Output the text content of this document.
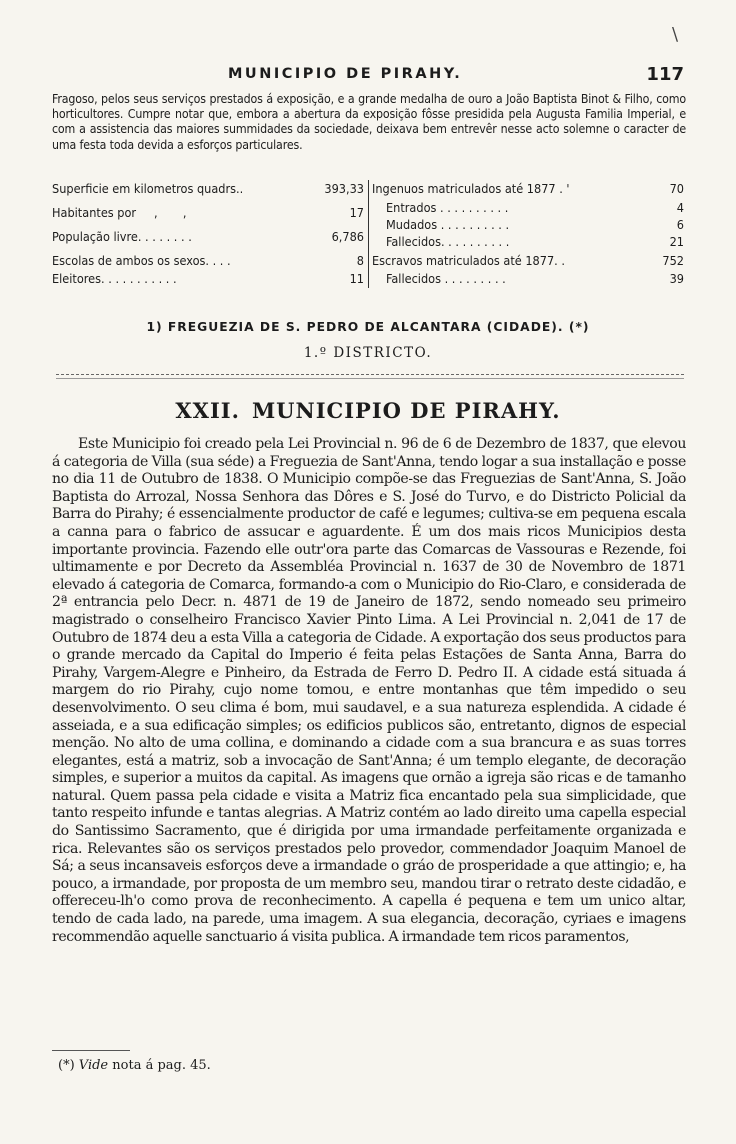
\
MUNICIPIO DE PIRAHY.	117
Fragoso, pelos seus serviços prestados á exposição, e a grande medalha de ouro a João Baptista Binot & Filho, como horticultores. Cumpre notar que, embora a abertura da exposição fôsse presidida pela Augusta Familia Imperial, e com a assistencia das maiores summidades da sociedade, deixava bem entrevêr nesse acto solemne o caracter de uma festa toda devida a esforços particulares.
Superficie em kilometros quadrs..	393,33
Habitantes por     ,       ,	17
População livre. . . . . . . .	6,786
Escolas de ambos os sexos. . . .	8
Eleitores. . . . . . . . . . .	11
Ingenuos matriculados até 1877 . '	70
Entrados . . . . . . . . . .	4
Mudados . . . . . . . . . .	6
Fallecidos. . . . . . . . . .	21
Escravos matriculados até 1877. .	752
Fallecidos . . . . . . . . .	39
1) FREGUEZIA DE S. PEDRO DE ALCANTARA (CIDADE). (*)
1.º DISTRICTO.
XXII. MUNICIPIO DE PIRAHY.
Este Municipio foi creado pela Lei Provincial n. 96 de 6 de Dezembro de 1837, que elevou á categoria de Villa (sua séde) a Freguezia de Sant'Anna, tendo logar a sua installação e posse no dia 11 de Outubro de 1838. O Municipio compõe-se das Freguezias de Sant'Anna, S. João Baptista do Arrozal, Nossa Senhora das Dôres e S. José do Turvo, e do Districto Policial da Barra do Pirahy; é essencialmente productor de café e legumes; cultiva-se em pequena escala a canna para o fabrico de assucar e aguardente. É um dos mais ricos Municipios desta importante provincia. Fazendo elle outr'ora parte das Comarcas de Vassouras e Rezende, foi ultimamente e por Decreto da Assembléa Provincial n. 1637 de 30 de Novembro de 1871 elevado á categoria de Comarca, formando-a com o Municipio do Rio-Claro, e considerada de 2ª entrancia pelo Decr. n. 4871 de 19 de Janeiro de 1872, sendo nomeado seu primeiro magistrado o conselheiro Francisco Xavier Pinto Lima. A Lei Provincial n. 2,041 de 17 de Outubro de 1874 deu a esta Villa a categoria de Cidade. A exportação dos seus productos para o grande mercado da Capital do Imperio é feita pelas Estações de Santa Anna, Barra do Pirahy, Vargem-Alegre e Pinheiro, da Estrada de Ferro D. Pedro II. A cidade está situada á margem do rio Pirahy, cujo nome tomou, e entre montanhas que têm impedido o seu desenvolvimento. O seu clima é bom, mui saudavel, e a sua natureza esplendida. A cidade é asseiada, e a sua edificação simples; os edificios publicos são, entretanto, dignos de especial menção. No alto de uma collina, e dominando a cidade com a sua brancura e as suas torres elegantes, está a matriz, sob a invocação de Sant'Anna; é um templo elegante, de decoração simples, e superior a muitos da capital. As imagens que ornão a igreja são ricas e de tamanho natural. Quem passa pela cidade e visita a Matriz fica encantado pela sua simplicidade, que tanto respeito infunde e tantas alegrias. A Matriz contém ao lado direito uma capella especial do Santissimo Sacramento, que é dirigida por uma irmandade perfeitamente organizada e rica. Relevantes são os serviços prestados pelo provedor, commendador Joaquim Manoel de Sá; a seus incansaveis esforços deve a irmandade o gráo de prosperidade a que attingio; e, ha pouco, a irmandade, por proposta de um membro seu, mandou tirar o retrato deste cidadão, e offereceu-lh'o como prova de reconhecimento. A capella é pequena e tem um unico altar, tendo de cada lado, na parede, uma imagem. A sua elegancia, decoração, cyriaes e imagens recommendão aquelle sanctuario á visita publica. A irmandade tem ricos paramentos,
(*) Vide nota á pag. 45.
